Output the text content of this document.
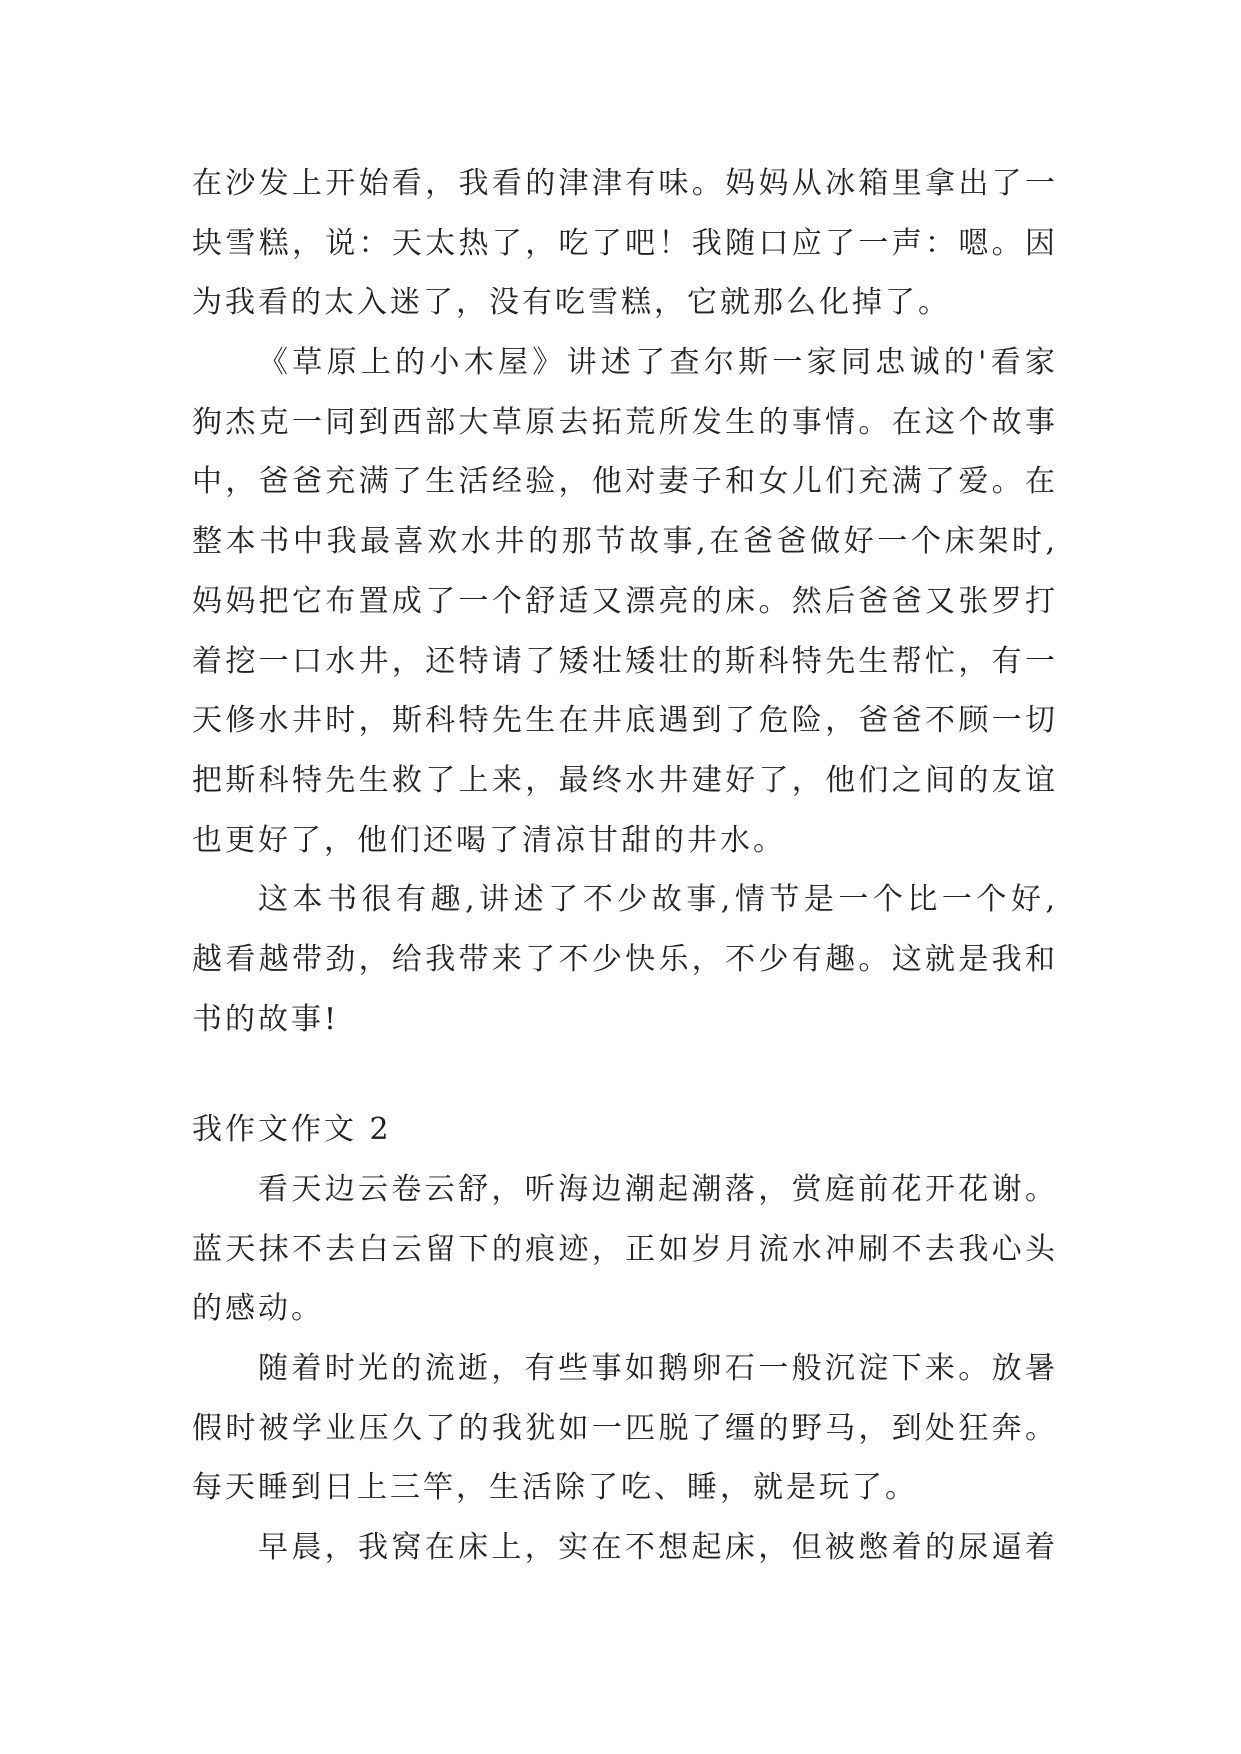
在沙发上开始看，我看的津津有味。妈妈从冰箱里拿出了一
块雪糕，说：天太热了，吃了吧！我随口应了一声：嗯。因
为我看的太入迷了，没有吃雪糕，它就那么化掉了。
《草原上的小木屋》讲述了查尔斯一家同忠诚的'看家
狗杰克一同到西部大草原去拓荒所发生的事情。在这个故事
中，爸爸充满了生活经验，他对妻子和女儿们充满了爱。在
整本书中我最喜欢水井的那节故事,在爸爸做好一个床架时,
妈妈把它布置成了一个舒适又漂亮的床。然后爸爸又张罗打
着挖一口水井，还特请了矮壮矮壮的斯科特先生帮忙，有一
天修水井时，斯科特先生在井底遇到了危险，爸爸不顾一切
把斯科特先生救了上来，最终水井建好了，他们之间的友谊
也更好了，他们还喝了清凉甘甜的井水。
这本书很有趣,讲述了不少故事,情节是一个比一个好,
越看越带劲，给我带来了不少快乐，不少有趣。这就是我和
书的故事!
我作文作文 2
看天边云卷云舒，听海边潮起潮落，赏庭前花开花谢。
蓝天抹不去白云留下的痕迹，正如岁月流水冲刷不去我心头
的感动。
随着时光的流逝，有些事如鹅卵石一般沉淀下来。放暑
假时被学业压久了的我犹如一匹脱了缰的野马，到处狂奔。
每天睡到日上三竿，生活除了吃、睡，就是玩了。
早晨，我窝在床上，实在不想起床，但被憋着的尿逼着
